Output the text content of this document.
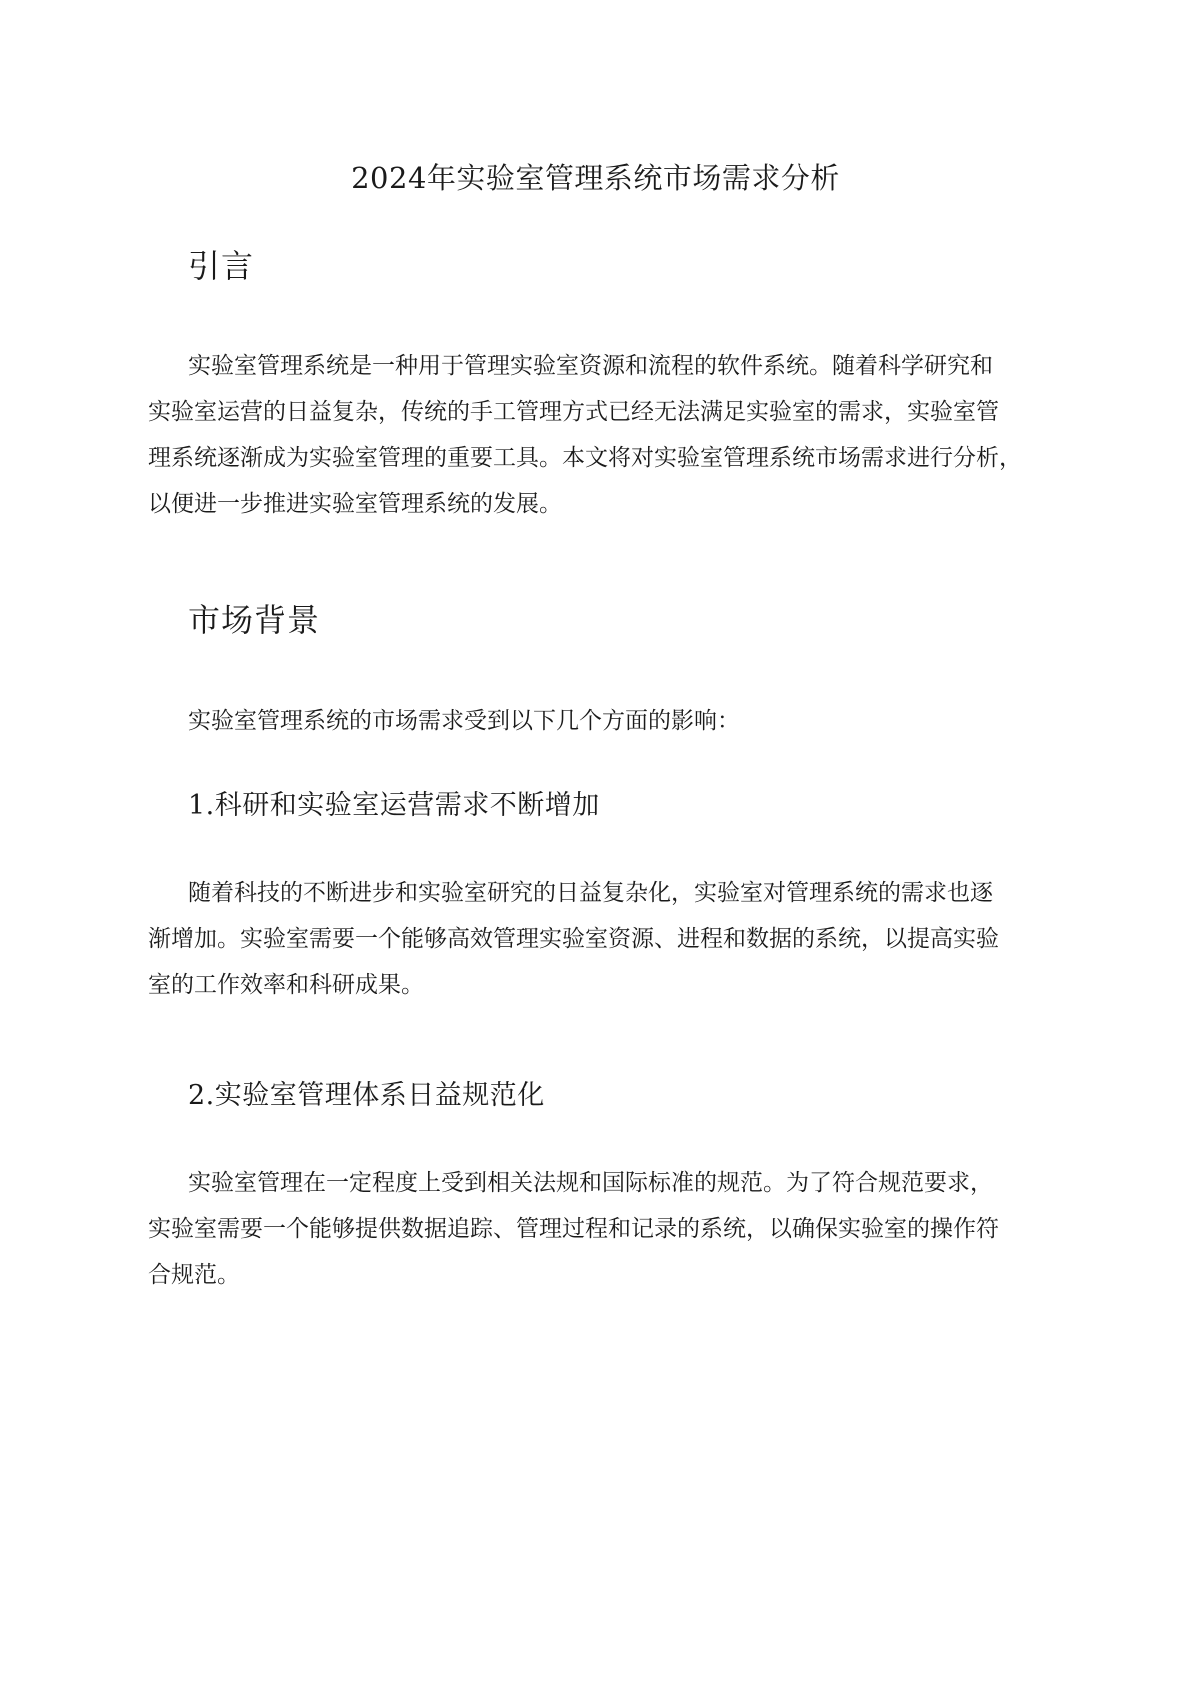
2024年实验室管理系统市场需求分析
引言
实验室管理系统是一种用于管理实验室资源和流程的软件系统。随着科学研究和
实验室运营的日益复杂，传统的手工管理方式已经无法满足实验室的需求，实验室管
理系统逐渐成为实验室管理的重要工具。本文将对实验室管理系统市场需求进行分析，
以便进一步推进实验室管理系统的发展。
市场背景
实验室管理系统的市场需求受到以下几个方面的影响：
1.科研和实验室运营需求不断增加
随着科技的不断进步和实验室研究的日益复杂化，实验室对管理系统的需求也逐
渐增加。实验室需要一个能够高效管理实验室资源、进程和数据的系统，以提高实验
室的工作效率和科研成果。
2.实验室管理体系日益规范化
实验室管理在一定程度上受到相关法规和国际标准的规范。为了符合规范要求，
实验室需要一个能够提供数据追踪、管理过程和记录的系统，以确保实验室的操作符
合规范。
